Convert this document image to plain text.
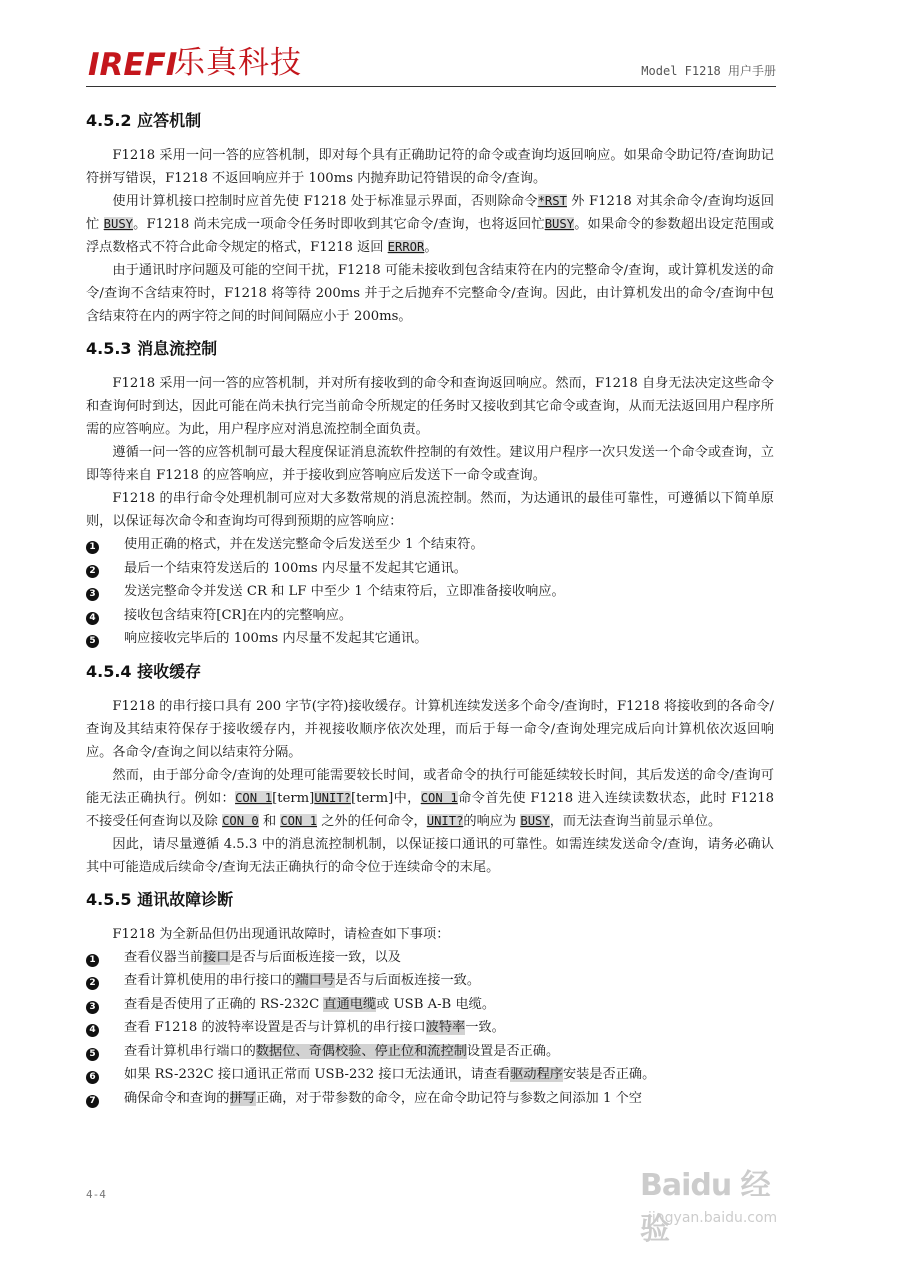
IREFI
乐真科技	Model F1218 用户手册
4.5.2 应答机制

F1218 采用一问一答的应答机制，即对每个具有正确助记符的命令或查询均返回响应。如果命令助记符/查询助记符拼写错误，F1218 不返回响应并于 100ms 内抛弃助记符错误的命令/查询。

使用计算机接口控制时应首先使 F1218 处于标准显示界面，否则除命令*RST 外 F1218 对其余命令/查询均返回忙 BUSY。F1218 尚未完成一项命令任务时即收到其它命令/查询，也将返回忙BUSY。如果命令的参数超出设定范围或浮点数格式不符合此命令规定的格式，F1218 返回 ERROR。

由于通讯时序问题及可能的空间干扰，F1218 可能未接收到包含结束符在内的完整命令/查询，或计算机发送的命令/查询不含结束符时，F1218 将等待 200ms 并于之后抛弃不完整命令/查询。因此，由计算机发出的命令/查询中包含结束符在内的两字符之间的时间间隔应小于 200ms。

4.5.3 消息流控制

F1218 采用一问一答的应答机制，并对所有接收到的命令和查询返回响应。然而，F1218 自身无法决定这些命令和查询何时到达，因此可能在尚未执行完当前命令所规定的任务时又接收到其它命令或查询，从而无法返回用户程序所需的应答响应。为此，用户程序应对消息流控制全面负责。

遵循一问一答的应答机制可最大程度保证消息流软件控制的有效性。建议用户程序一次只发送一个命令或查询，立即等待来自 F1218 的应答响应，并于接收到应答响应后发送下一命令或查询。

F1218 的串行命令处理机制可应对大多数常规的消息流控制。然而，为达通讯的最佳可靠性，可遵循以下简单原则，以保证每次命令和查询均可得到预期的应答响应：

1	使用正确的格式，并在发送完整命令后发送至少 1 个结束符。
2	最后一个结束符发送后的 100ms 内尽量不发起其它通讯。
3	发送完整命令并发送 CR 和 LF 中至少 1 个结束符后，立即准备接收响应。
4	接收包含结束符[CR]在内的完整响应。
5	响应接收完毕后的 100ms 内尽量不发起其它通讯。
4.5.4 接收缓存

F1218 的串行接口具有 200 字节(字符)接收缓存。计算机连续发送多个命令/查询时，F1218 将接收到的各命令/查询及其结束符保存于接收缓存内，并视接收顺序依次处理，而后于每一命令/查询处理完成后向计算机依次返回响应。各命令/查询之间以结束符分隔。

然而，由于部分命令/查询的处理可能需要较长时间，或者命令的执行可能延续较长时间，其后发送的命令/查询可能无法正确执行。例如：CON 1[term]UNIT?[term]中，CON 1命令首先使 F1218 进入连续读数状态，此时 F1218 不接受任何查询以及除 CON 0 和 CON 1 之外的任何命令，UNIT?的响应为 BUSY，而无法查询当前显示单位。

因此，请尽量遵循 4.5.3 中的消息流控制机制，以保证接口通讯的可靠性。如需连续发送命令/查询，请务必确认其中可能造成后续命令/查询无法正确执行的命令位于连续命令的末尾。

4.5.5 通讯故障诊断

F1218 为全新品但仍出现通讯故障时，请检查如下事项：

1	查看仪器当前接口是否与后面板连接一致，以及
2	查看计算机使用的串行接口的端口号是否与后面板连接一致。
3	查看是否使用了正确的 RS-232C 直通电缆或 USB A-B 电缆。
4	查看 F1218 的波特率设置是否与计算机的串行接口波特率一致。
5	查看计算机串行端口的数据位、奇偶校验、停止位和流控制设置是否正确。
6	如果 RS-232C 接口通讯正常而 USB-232 接口无法通讯，请查看驱动程序安装是否正确。
7	确保命令和查询的拼写正确，对于带参数的命令，应在命令助记符与参数之间添加 1 个空
4-4	Baidu 经验
jingyan.baidu.com
